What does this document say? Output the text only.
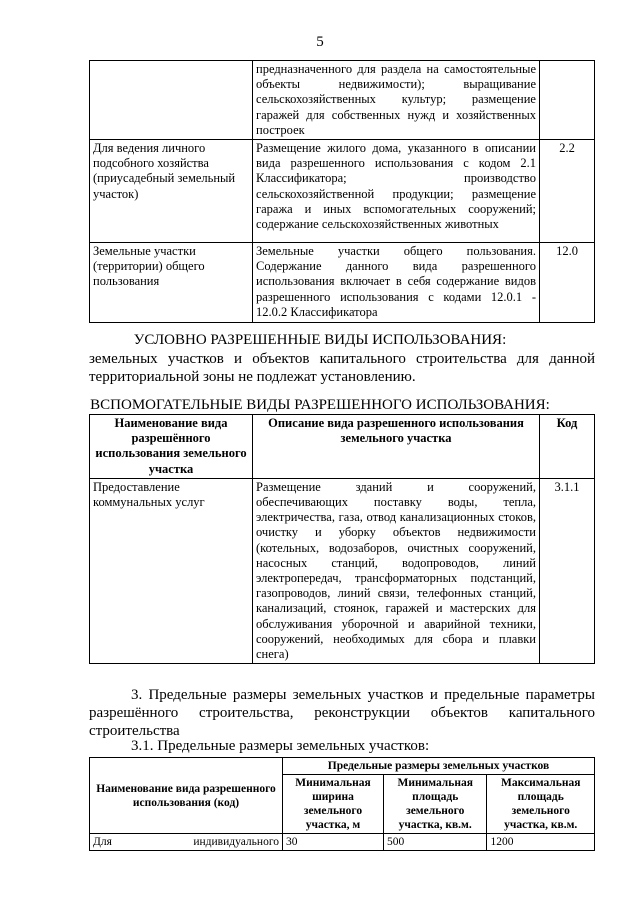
5
	предназначенного для раздела на самостоятельные объекты недвижимости); выращивание сельскохозяйственных культур; размещение гаражей для собственных нужд и хозяйственных построек	
Для ведения личного подсобного хозяйства (приусадебный земельный участок)	Размещение жилого дома, указанного в описании вида разрешенного использования с кодом 2.1 Классификатора; производство сельскохозяйственной продукции; размещение гаража и иных вспомогательных сооружений; содержание сельскохозяйственных животных	2.2
Земельные участки (территории) общего пользования	Земельные участки общего пользования. Содержание данного вида разрешенного использования включает в себя содержание видов разрешенного использования с кодами 12.0.1 - 12.0.2 Классификатора	12.0
УСЛОВНО РАЗРЕШЕННЫЕ ВИДЫ ИСПОЛЬЗОВАНИЯ:
земельных участков и объектов капитального строительства для данной территориальной зоны не подлежат установлению.
ВСПОМОГАТЕЛЬНЫЕ ВИДЫ РАЗРЕШЕННОГО ИСПОЛЬЗОВАНИЯ:
Наименование вида разрешённого использования земельного участка	Описание вида разрешенного использования земельного участка	Код
Предоставление коммунальных услуг	Размещение зданий и сооружений, обеспечивающих поставку воды, тепла, электричества, газа, отвод канализационных стоков, очистку и уборку объектов недвижимости (котельных, водозаборов, очистных сооружений, насосных станций, водопроводов, линий электропередач, трансформаторных подстанций, газопроводов, линий связи, телефонных станций, канализаций, стоянок, гаражей и мастерских для обслуживания уборочной и аварийной техники, сооружений, необходимых для сбора и плавки снега)	3.1.1
3. Предельные размеры земельных участков и предельные параметры
разрешённого строительства, реконструкции объектов капитального строительства
3.1. Предельные размеры земельных участков:
Наименование вида разрешенного использования (код)	Предельные размеры земельных участков		
	Минимальная ширина земельного участка, м	Минимальная площадь земельного участка, кв.м.	Максимальная площадь земельного участка, кв.м.
Для индивидуального	30	500	1200
